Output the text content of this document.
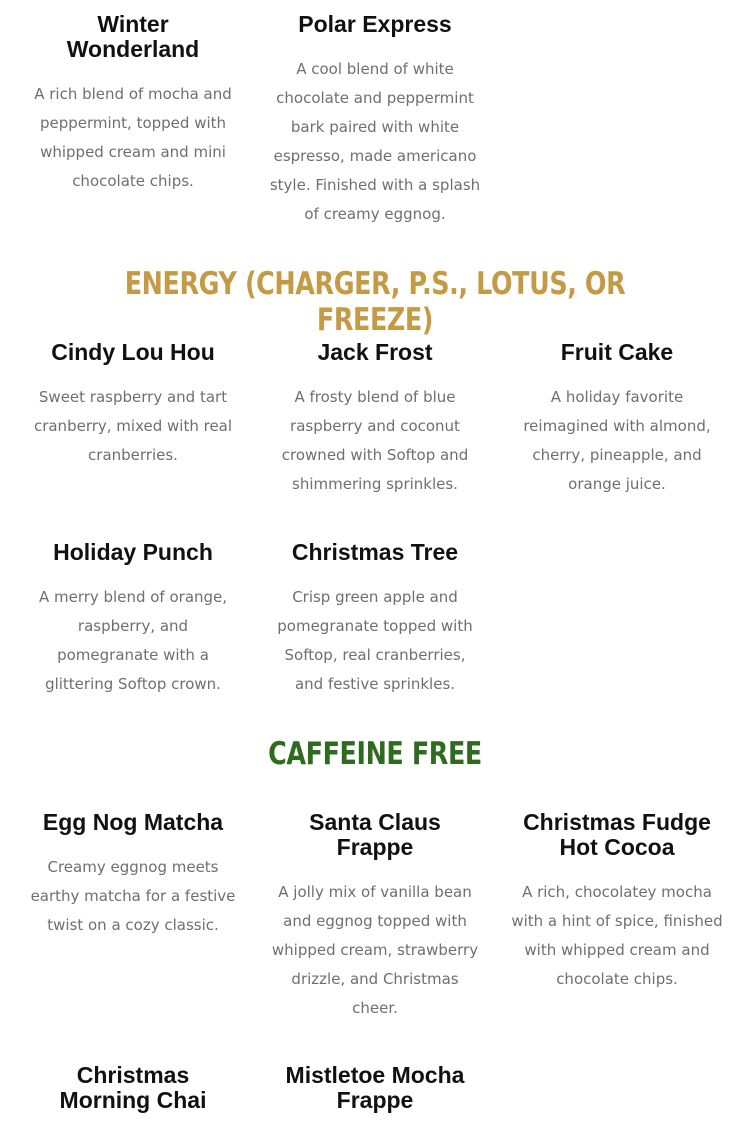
Winter Wonderland

A rich blend of mocha and peppermint, topped with whipped cream and mini chocolate chips.

Polar Express

A cool blend of white chocolate and peppermint bark paired with white espresso, made americano style. Finished with a splash of creamy eggnog.

ENERGY (CHARGER, P.S., LOTUS, OR FREEZE)
Cindy Lou Hou

Sweet raspberry and tart cranberry, mixed with real cranberries.

Jack Frost

A frosty blend of blue raspberry and coconut crowned with Softop and shimmering sprinkles.

Fruit Cake

A holiday favorite reimagined with almond, cherry, pineapple, and orange juice.

Holiday Punch

A merry blend of orange, raspberry, and pomegranate with a glittering Softop crown.

Christmas Tree

Crisp green apple and pomegranate topped with Softop, real cranberries, and festive sprinkles.

CAFFEINE FREE
Egg Nog Matcha

Creamy eggnog meets earthy matcha for a festive twist on a cozy classic.

Santa Claus Frappe

A jolly mix of vanilla bean and eggnog topped with whipped cream, strawberry drizzle, and Christmas cheer.

Christmas Fudge Hot Cocoa

A rich, chocolatey mocha with a hint of spice, finished with whipped cream and chocolate chips.

Christmas Morning Chai
Mistletoe Mocha Frappe
